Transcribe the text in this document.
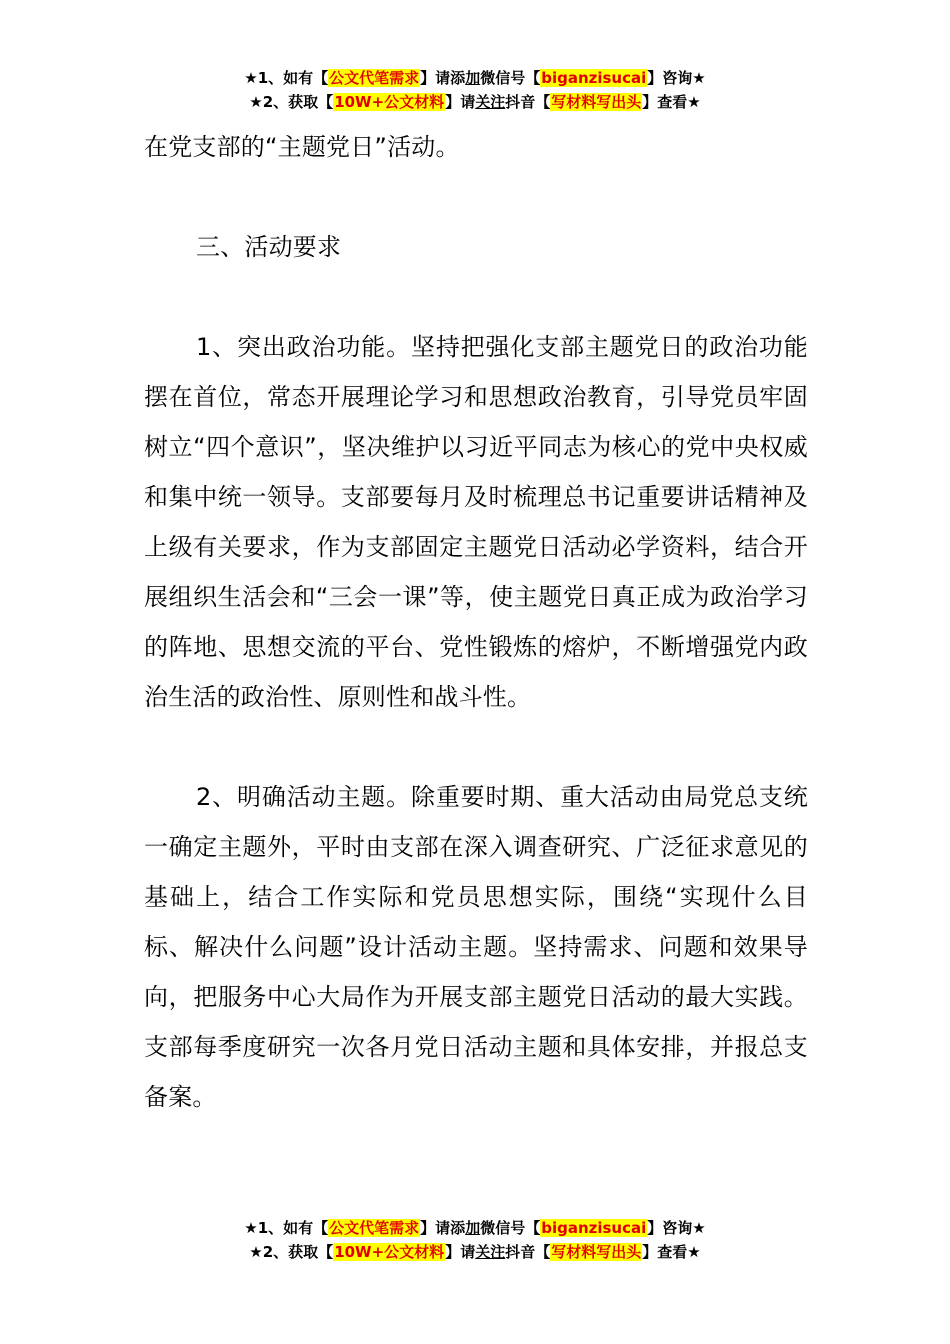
★1、如有【公文代笔需求】请添加微信号【biganzisucai】咨询★
★2、获取【10W+公文材料】请关注抖音【写材料写出头】查看★

在党支部的“主题党日”活动。

三、活动要求

1、突出政治功能。坚持把强化支部主题党日的政治功能摆在首位，常态开展理论学习和思想政治教育，引导党员牢固树立“四个意识”，坚决维护以习近平同志为核心的党中央权威和集中统一领导。支部要每月及时梳理总书记重要讲话精神及上级有关要求，作为支部固定主题党日活动必学资料，结合开展组织生活会和“三会一课”等，使主题党日真正成为政治学习的阵地、思想交流的平台、党性锻炼的熔炉，不断增强党内政治生活的政治性、原则性和战斗性。

2、明确活动主题。除重要时期、重大活动由局党总支统一确定主题外，平时由支部在深入调查研究、广泛征求意见的基础上，结合工作实际和党员思想实际，围绕“实现什么目标、解决什么问题”设计活动主题。坚持需求、问题和效果导向，把服务中心大局作为开展支部主题党日活动的最大实践。支部每季度研究一次各月党日活动主题和具体安排，并报总支备案。

★1、如有【公文代笔需求】请添加微信号【biganzisucai】咨询★
★2、获取【10W+公文材料】请关注抖音【写材料写出头】查看★
